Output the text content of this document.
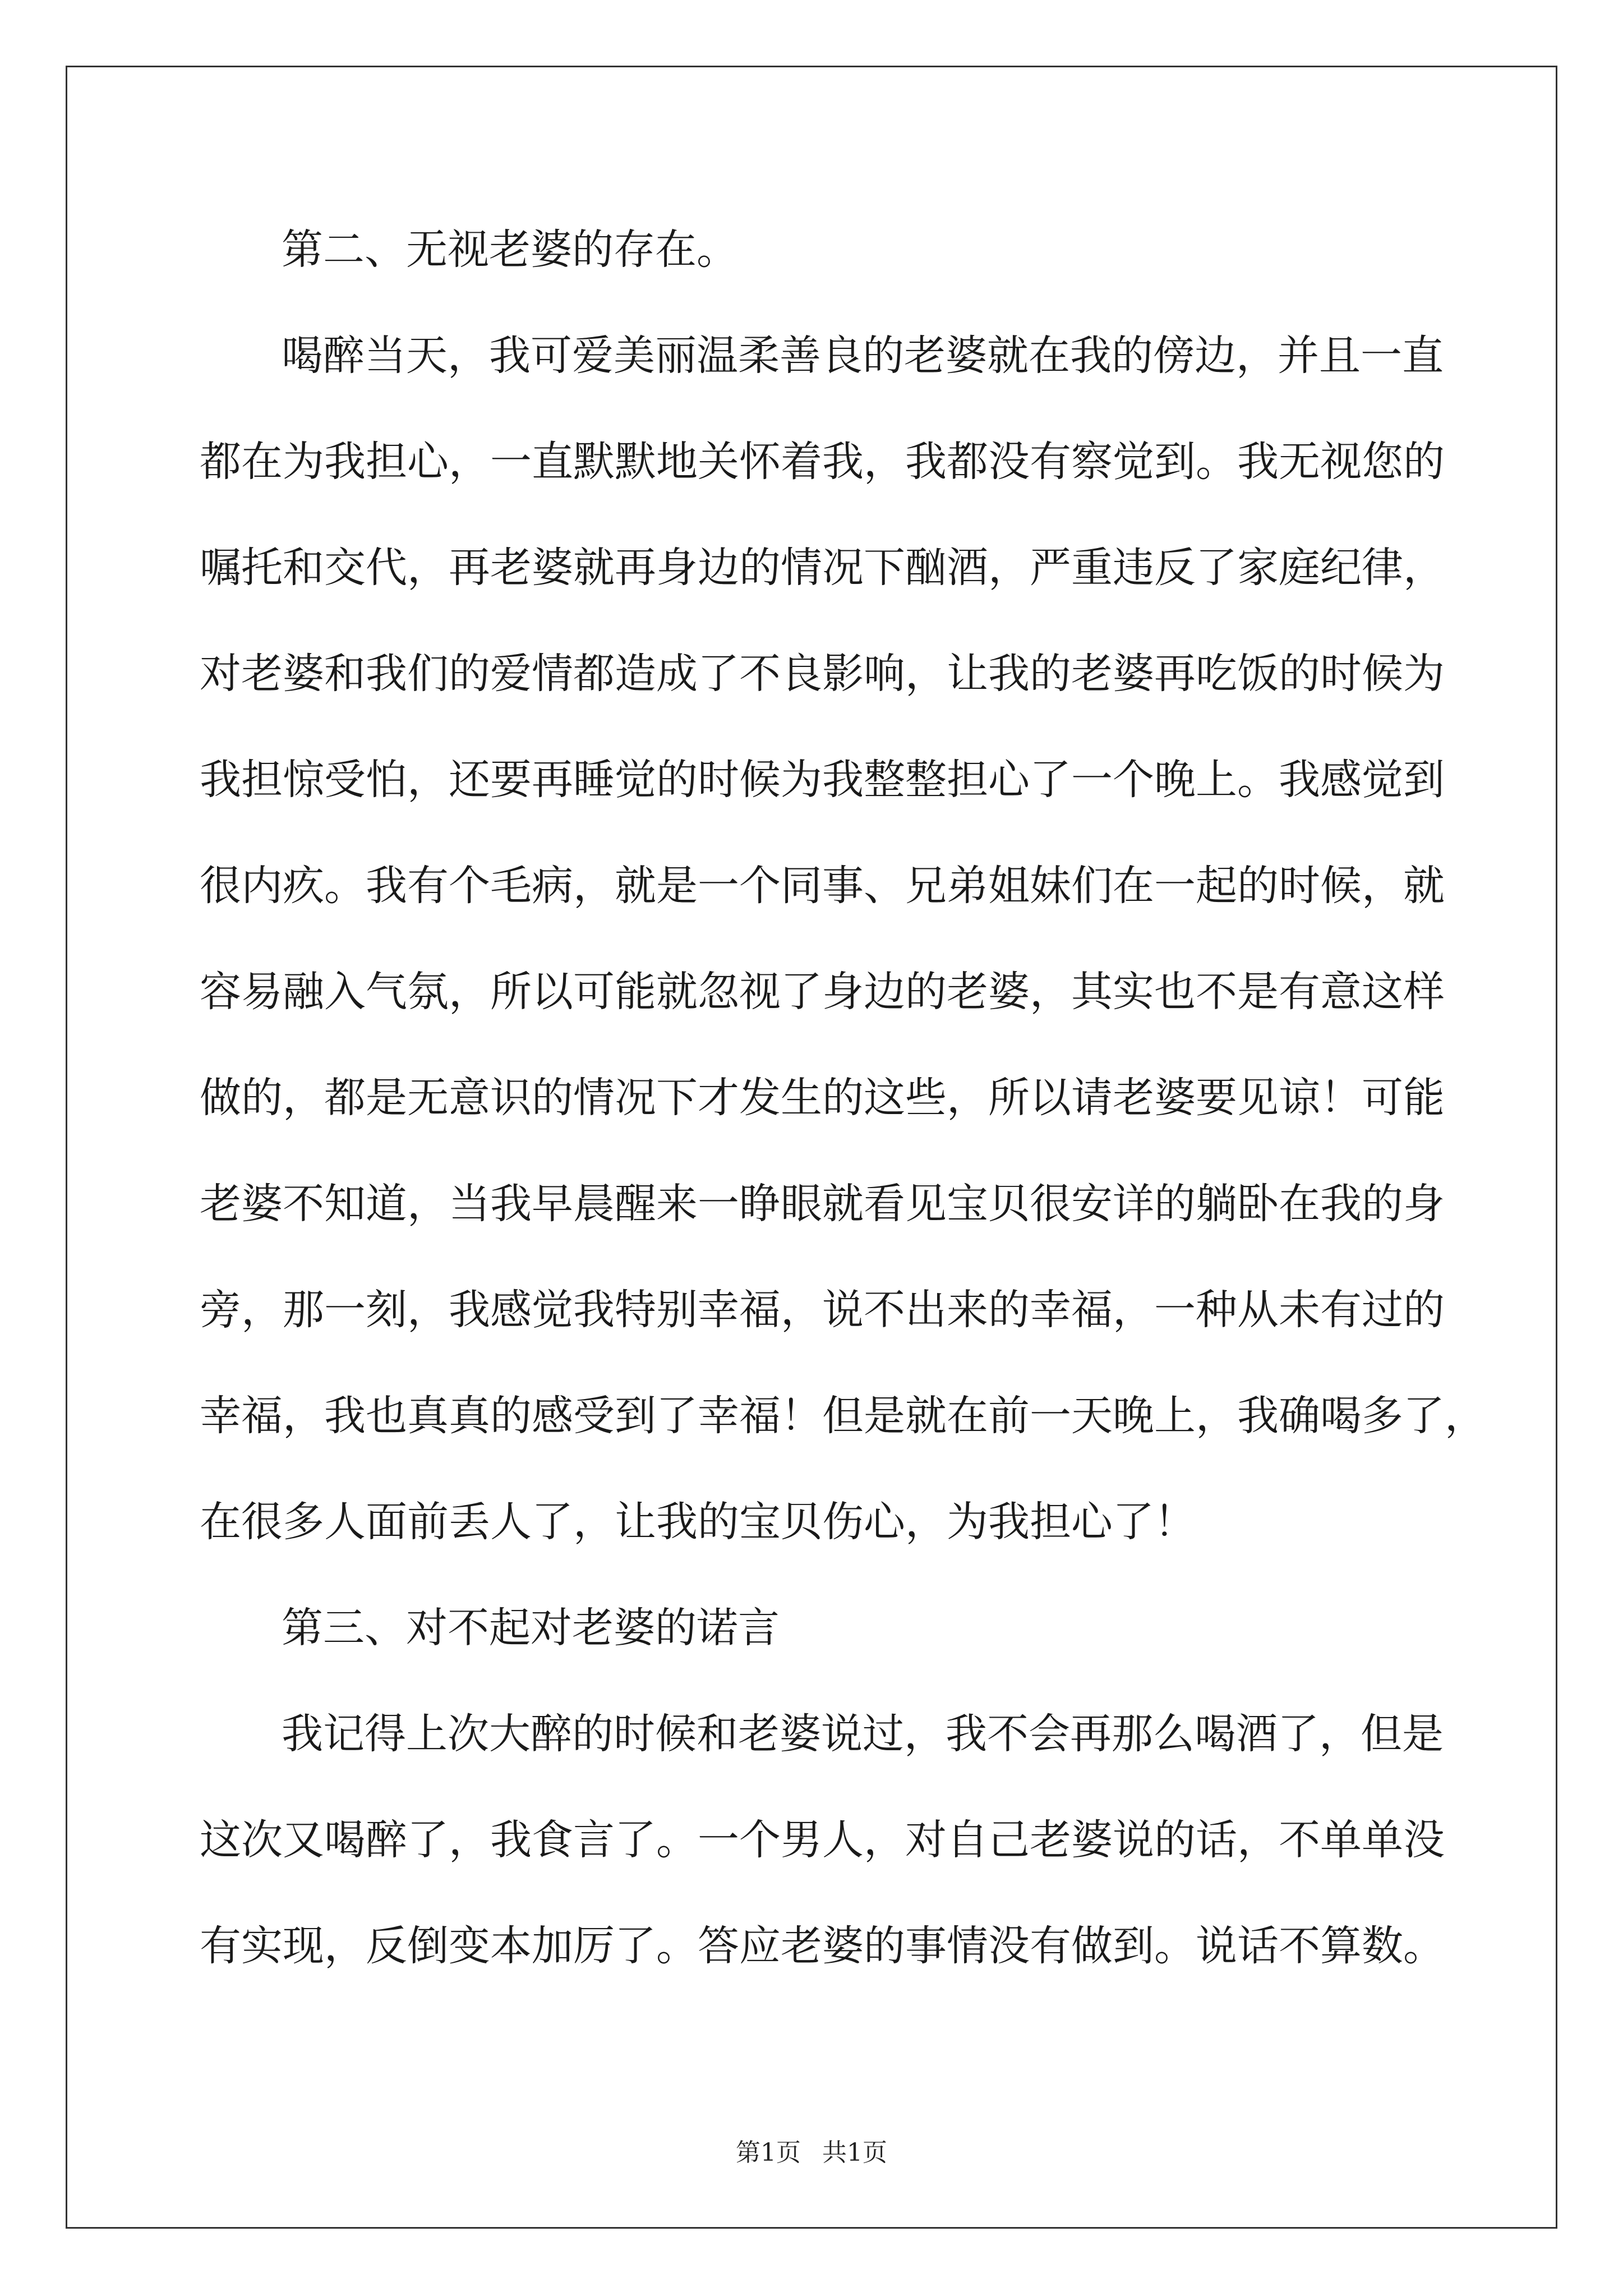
第二、无视老婆的存在。
喝醉当天，我可爱美丽温柔善良的老婆就在我的傍边，并且一直
都在为我担心，一直默默地关怀着我，我都没有察觉到。我无视您的
嘱托和交代，再老婆就再身边的情况下酗酒，严重违反了家庭纪律，
对老婆和我们的爱情都造成了不良影响，让我的老婆再吃饭的时候为
我担惊受怕，还要再睡觉的时候为我整整担心了一个晚上。我感觉到
很内疚。我有个毛病，就是一个同事、兄弟姐妹们在一起的时候，就
容易融入气氛，所以可能就忽视了身边的老婆，其实也不是有意这样
做的，都是无意识的情况下才发生的这些，所以请老婆要见谅！可能
老婆不知道，当我早晨醒来一睁眼就看见宝贝很安详的躺卧在我的身
旁，那一刻，我感觉我特别幸福，说不出来的幸福，一种从未有过的
幸福，我也真真的感受到了幸福！但是就在前一天晚上，我确喝多了，
在很多人面前丢人了，让我的宝贝伤心，为我担心了！
第三、对不起对老婆的诺言
我记得上次大醉的时候和老婆说过，我不会再那么喝酒了，但是
这次又喝醉了，我食言了。一个男人，对自己老婆说的话，不单单没
有实现，反倒变本加厉了。答应老婆的事情没有做到。说话不算数。
第1页 共1页
